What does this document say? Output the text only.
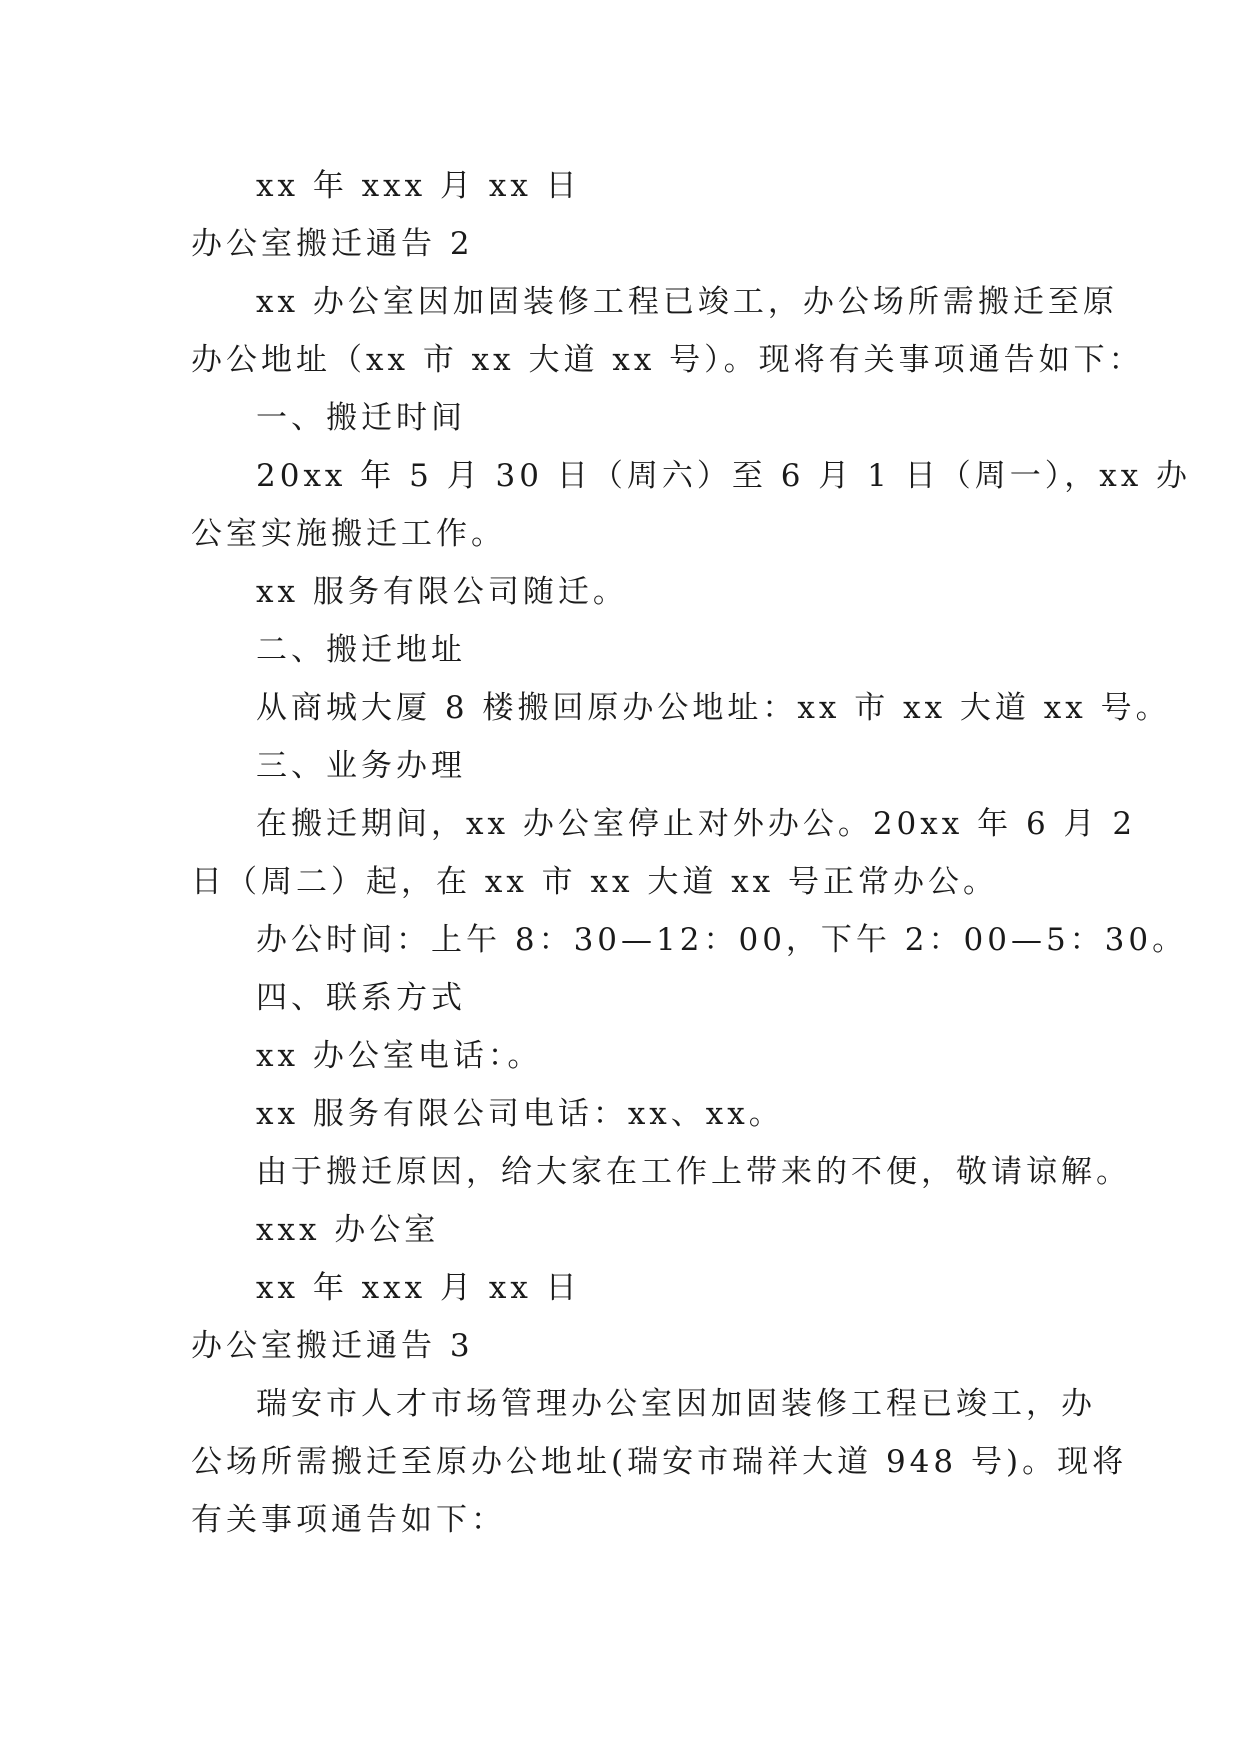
xx 年 xxx 月 xx 日
办公室搬迁通告 2
xx 办公室因加固装修工程已竣工，办公场所需搬迁至原
办公地址（xx 市 xx 大道 xx 号）。现将有关事项通告如下：
一、搬迁时间
20xx 年 5 月 30 日（周六）至 6 月 1 日（周一），xx 办
公室实施搬迁工作。
xx 服务有限公司随迁。
二、搬迁地址
从商城大厦 8 楼搬回原办公地址：xx 市 xx 大道 xx 号。
三、业务办理
在搬迁期间，xx 办公室停止对外办公。20xx 年 6 月 2
日（周二）起，在 xx 市 xx 大道 xx 号正常办公。
办公时间：上午 8：30—12：00，下午 2：00—5：30。
四、联系方式
xx 办公室电话：。
xx 服务有限公司电话：xx、xx。
由于搬迁原因，给大家在工作上带来的不便，敬请谅解。
xxx 办公室
xx 年 xxx 月 xx 日
办公室搬迁通告 3
瑞安市人才市场管理办公室因加固装修工程已竣工，办
公场所需搬迁至原办公地址(瑞安市瑞祥大道 948 号)。现将
有关事项通告如下：
